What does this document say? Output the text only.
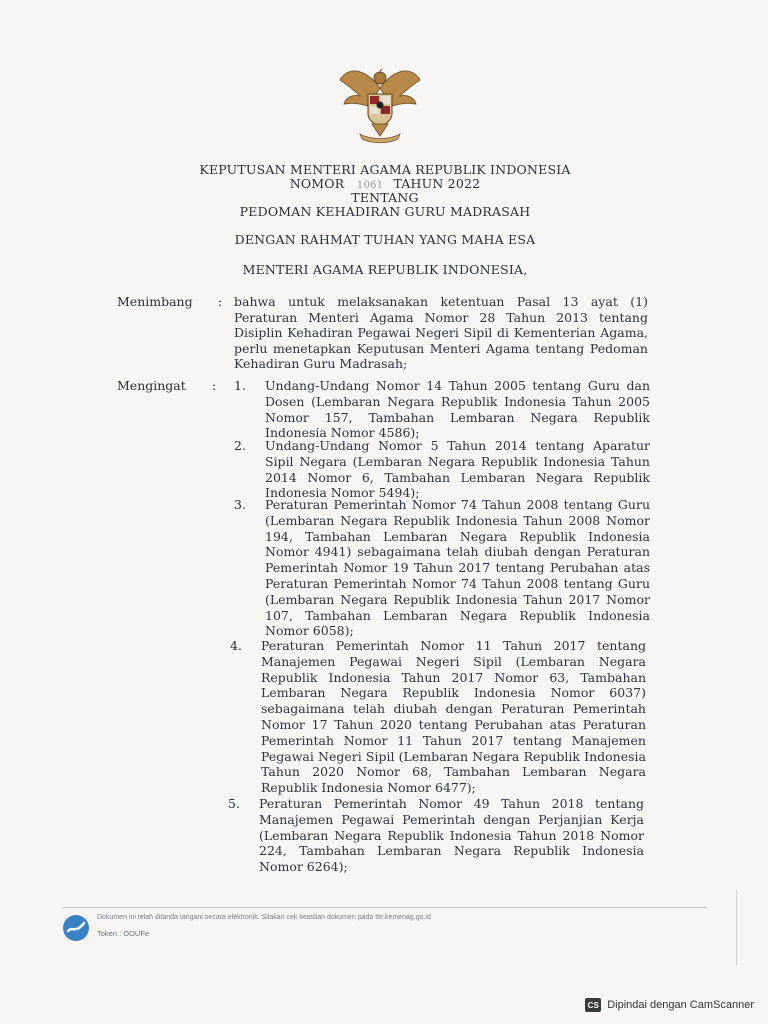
KEPUTUSAN MENTERI AGAMA REPUBLIK INDONESIA
NOMOR 1061 TAHUN 2022
TENTANG
PEDOMAN KEHADIRAN GURU MADRASAH
DENGAN RAHMAT TUHAN YANG MAHA ESA
MENTERI AGAMA REPUBLIK INDONESIA,
Menimbang : bahwa untuk melaksanakan ketentuan Pasal 13 ayat (1) Peraturan Menteri Agama Nomor 28 Tahun 2013 tentang Disiplin Kehadiran Pegawai Negeri Sipil di Kementerian Agama, perlu menetapkan Keputusan Menteri Agama tentang Pedoman Kehadiran Guru Madrasah;
Mengingat : 1. Undang-Undang Nomor 14 Tahun 2005 tentang Guru dan Dosen (Lembaran Negara Republik Indonesia Tahun 2005 Nomor 157, Tambahan Lembaran Negara Republik Indonesia Nomor 4586);
2. Undang-Undang Nomor 5 Tahun 2014 tentang Aparatur Sipil Negara (Lembaran Negara Republik Indonesia Tahun 2014 Nomor 6, Tambahan Lembaran Negara Republik Indonesia Nomor 5494);
3. Peraturan Pemerintah Nomor 74 Tahun 2008 tentang Guru (Lembaran Negara Republik Indonesia Tahun 2008 Nomor 194, Tambahan Lembaran Negara Republik Indonesia Nomor 4941) sebagaimana telah diubah dengan Peraturan Pemerintah Nomor 19 Tahun 2017 tentang Perubahan atas Peraturan Pemerintah Nomor 74 Tahun 2008 tentang Guru (Lembaran Negara Republik Indonesia Tahun 2017 Nomor 107, Tambahan Lembaran Negara Republik Indonesia Nomor 6058);
4. Peraturan Pemerintah Nomor 11 Tahun 2017 tentang Manajemen Pegawai Negeri Sipil (Lembaran Negara Republik Indonesia Tahun 2017 Nomor 63, Tambahan Lembaran Negara Republik Indonesia Nomor 6037) sebagaimana telah diubah dengan Peraturan Pemerintah Nomor 17 Tahun 2020 tentang Perubahan atas Peraturan Pemerintah Nomor 11 Tahun 2017 tentang Manajemen Pegawai Negeri Sipil (Lembaran Negara Republik Indonesia Tahun 2020 Nomor 68, Tambahan Lembaran Negara Republik Indonesia Nomor 6477);
5. Peraturan Pemerintah Nomor 49 Tahun 2018 tentang Manajemen Pegawai Pemerintah dengan Perjanjian Kerja (Lembaran Negara Republik Indonesia Tahun 2018 Nomor 224, Tambahan Lembaran Negara Republik Indonesia Nomor 6264);
Dokumen ini telah ditanda tangani secara elektronik. Silakan cek keaslian dokumen pada tte.kemenag.go.id
Token : OOUFe
CS Dipindai dengan CamScanner
